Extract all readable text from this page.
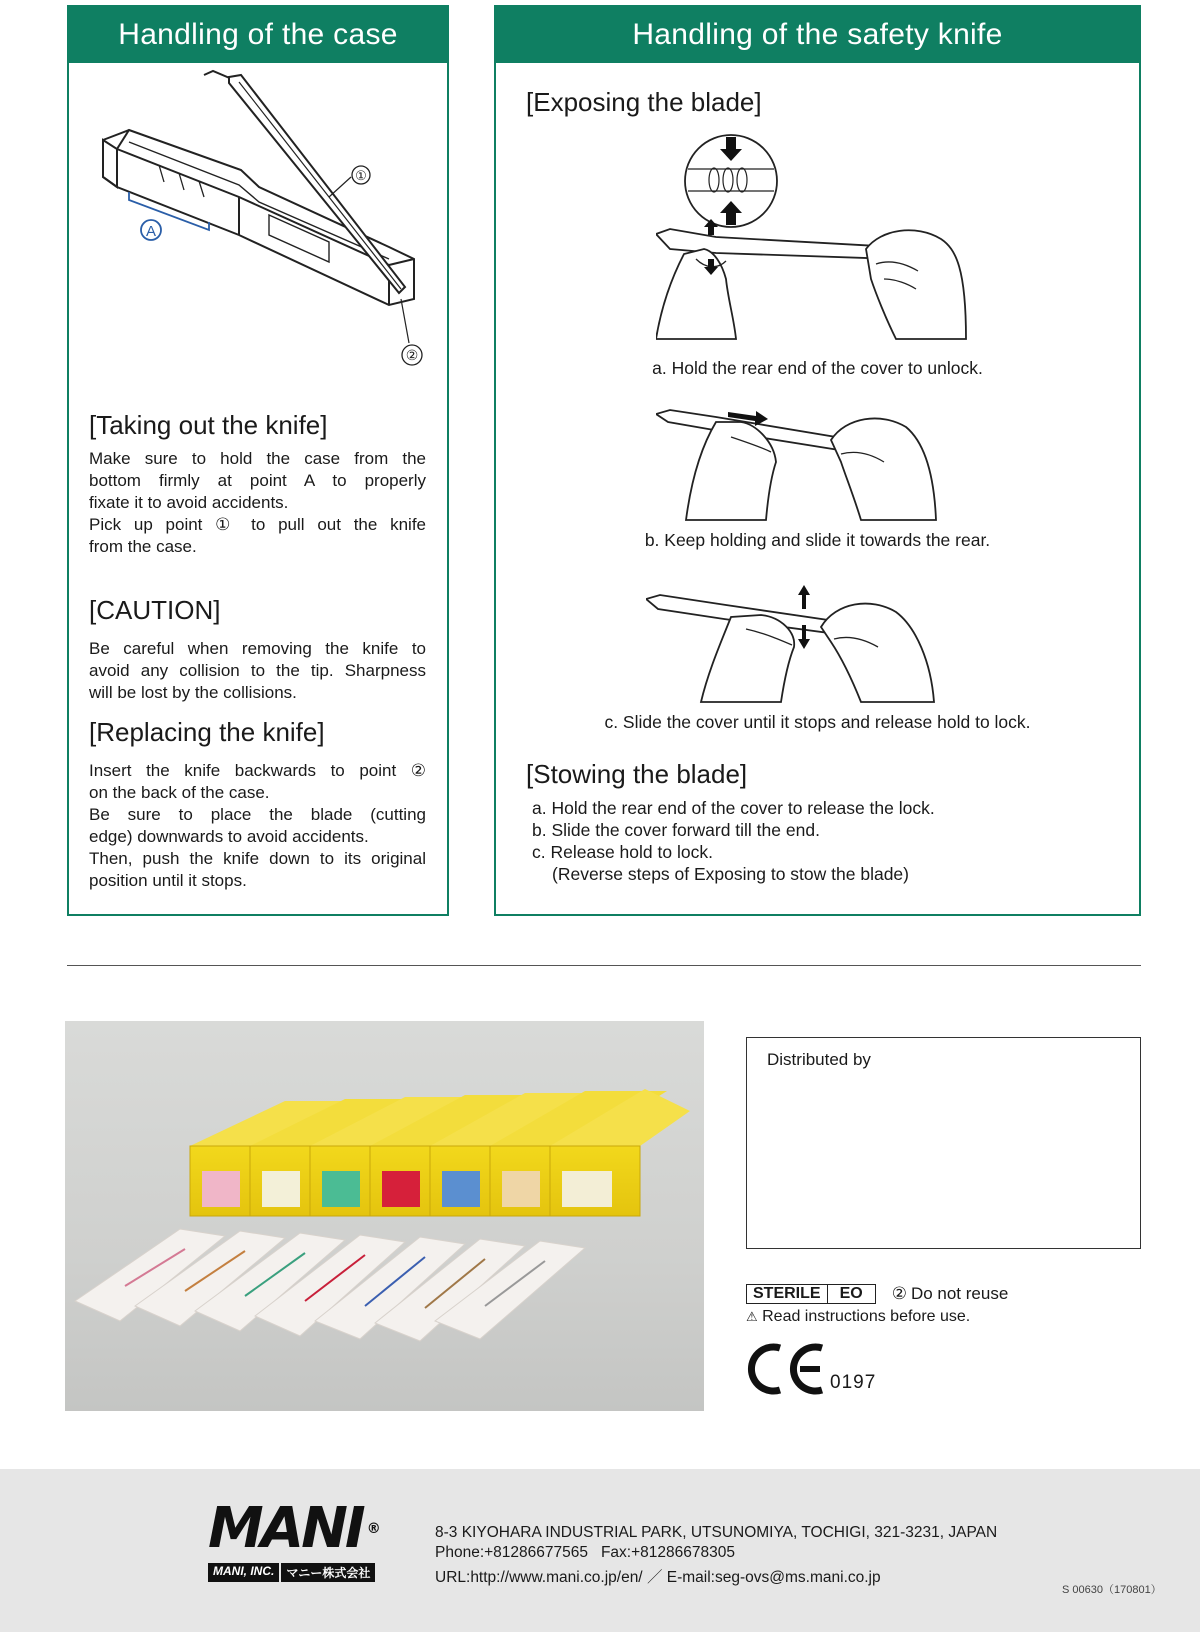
Handling of the case
①
②
A
[Taking out the knife]
Make sure to hold the case from the
bottom firmly at point A to properly
fixate it to avoid accidents.
Pick up point ① to pull out the knife
from the case.
[CAUTION]
Be careful when removing the knife to
avoid any collision to the tip. Sharpness
will be lost by the collisions.
[Replacing the knife]
Insert the knife backwards to point ②
on the back of the case.
Be sure to place the blade (cutting
edge) downwards to avoid accidents.
Then, push the knife down to its original
position until it stops.
Handling of the safety knife
[Exposing the blade]
a. Hold the rear end of the cover to unlock.
b. Keep holding and slide it towards the rear.
c. Slide the cover until it stops and release hold to lock.
[Stowing the blade]
a. Hold the rear end of the cover to release the lock.
b. Slide the cover forward till the end.
c. Release hold to lock.
(Reverse steps of Exposing to stow the blade)
Distributed by
STERILE	EO	② Do not reuse
⚠ Read instructions before use.
0197
MANI ®
MANI, INC.	マニー株式会社
8-3 KIYOHARA INDUSTRIAL PARK, UTSUNOMIYA, TOCHIGI, 321-3231, JAPAN
Phone:+81286677565 Fax:+81286678305
URL:http://www.mani.co.jp/en/ ／ E-mail:seg-ovs@ms.mani.co.jp
S 00630（170801）
